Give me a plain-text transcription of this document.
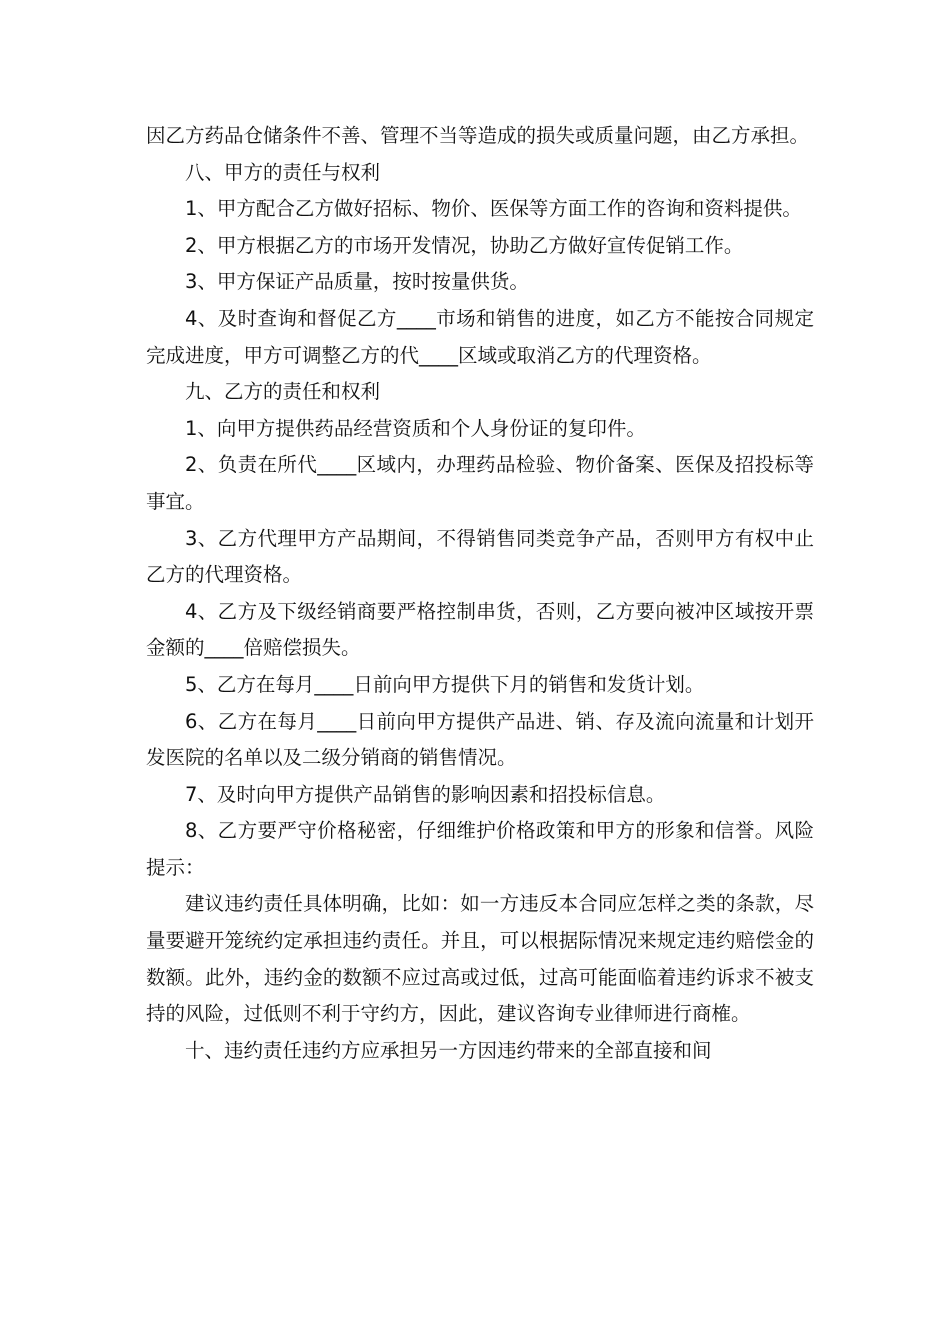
因乙方药品仓储条件不善、管理不当等造成的损失或质量问题，由乙方承担。

八、甲方的责任与权利

1、甲方配合乙方做好招标、物价、医保等方面工作的咨询和资料提供。

2、甲方根据乙方的市场开发情况，协助乙方做好宣传促销工作。

3、甲方保证产品质量，按时按量供货。

4、及时查询和督促乙方____市场和销售的进度，如乙方不能按合同规定完成进度，甲方可调整乙方的代____区域或取消乙方的代理资格。

九、乙方的责任和权利

1、向甲方提供药品经营资质和个人身份证的复印件。

2、负责在所代____区域内，办理药品检验、物价备案、医保及招投标等事宜。

3、乙方代理甲方产品期间，不得销售同类竞争产品，否则甲方有权中止乙方的代理资格。

4、乙方及下级经销商要严格控制串货，否则，乙方要向被冲区域按开票金额的____倍赔偿损失。

5、乙方在每月____日前向甲方提供下月的销售和发货计划。

6、乙方在每月____日前向甲方提供产品进、销、存及流向流量和计划开发医院的名单以及二级分销商的销售情况。

7、及时向甲方提供产品销售的影响因素和招投标信息。

8、乙方要严守价格秘密，仔细维护价格政策和甲方的形象和信誉。风险提示：

建议违约责任具体明确，比如：如一方违反本合同应怎样之类的条款，尽量要避开笼统约定承担违约责任。并且，可以根据际情况来规定违约赔偿金的数额。此外，违约金的数额不应过高或过低，过高可能面临着违约诉求不被支持的风险，过低则不利于守约方，因此，建议咨询专业律师进行商榷。

十、违约责任违约方应承担另一方因违约带来的全部直接和间
